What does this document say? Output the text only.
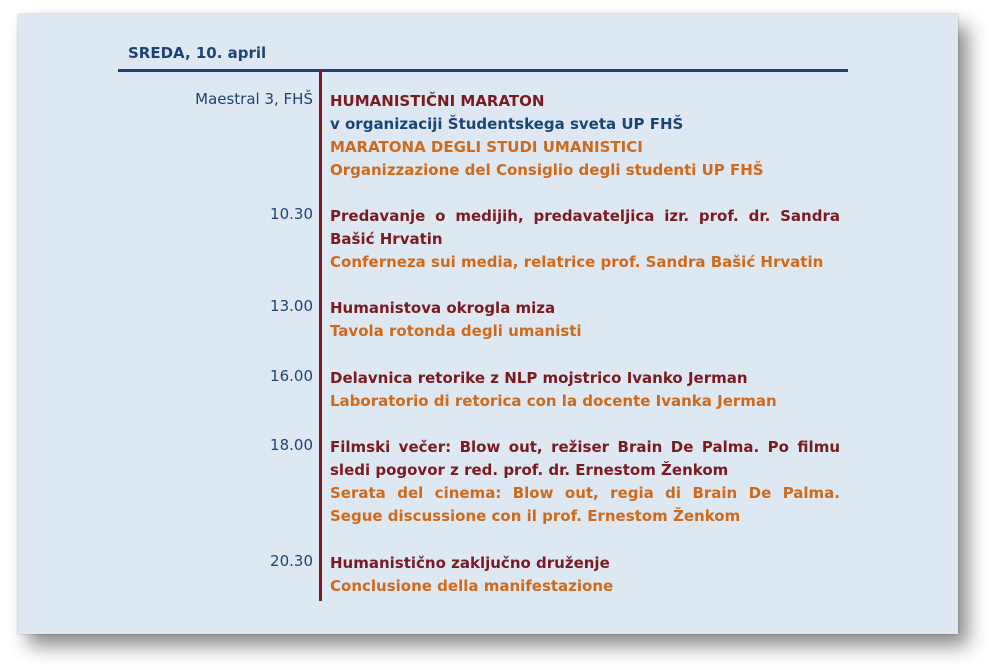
SREDA, 10. april
Maestral 3, FHŠ HUMANISTIČNI MARATON
v organizaciji Študentskega sveta UP FHŠ
MARATONA DEGLI STUDI UMANISTICI
Organizzazione del Consiglio degli studenti UP FHŠ
10.30 Predavanje o medijih, predavateljica izr. prof. dr. Sandra Bašić Hrvatin
Conferneza sui media, relatrice prof. Sandra Bašić Hrvatin
13.00 Humanistova okrogla miza
Tavola rotonda degli umanisti
16.00 Delavnica retorike z NLP mojstrico Ivanko Jerman
Laboratorio di retorica con la docente Ivanka Jerman
18.00 Filmski večer: Blow out, režiser Brain De Palma. Po filmu sledi pogovor z red. prof. dr. Ernestom Ženkom
Serata del cinema: Blow out, regia di Brain De Palma. Segue discussione con il prof. Ernestom Ženkom
20.30 Humanistično zaključno druženje
Conclusione della manifestazione
